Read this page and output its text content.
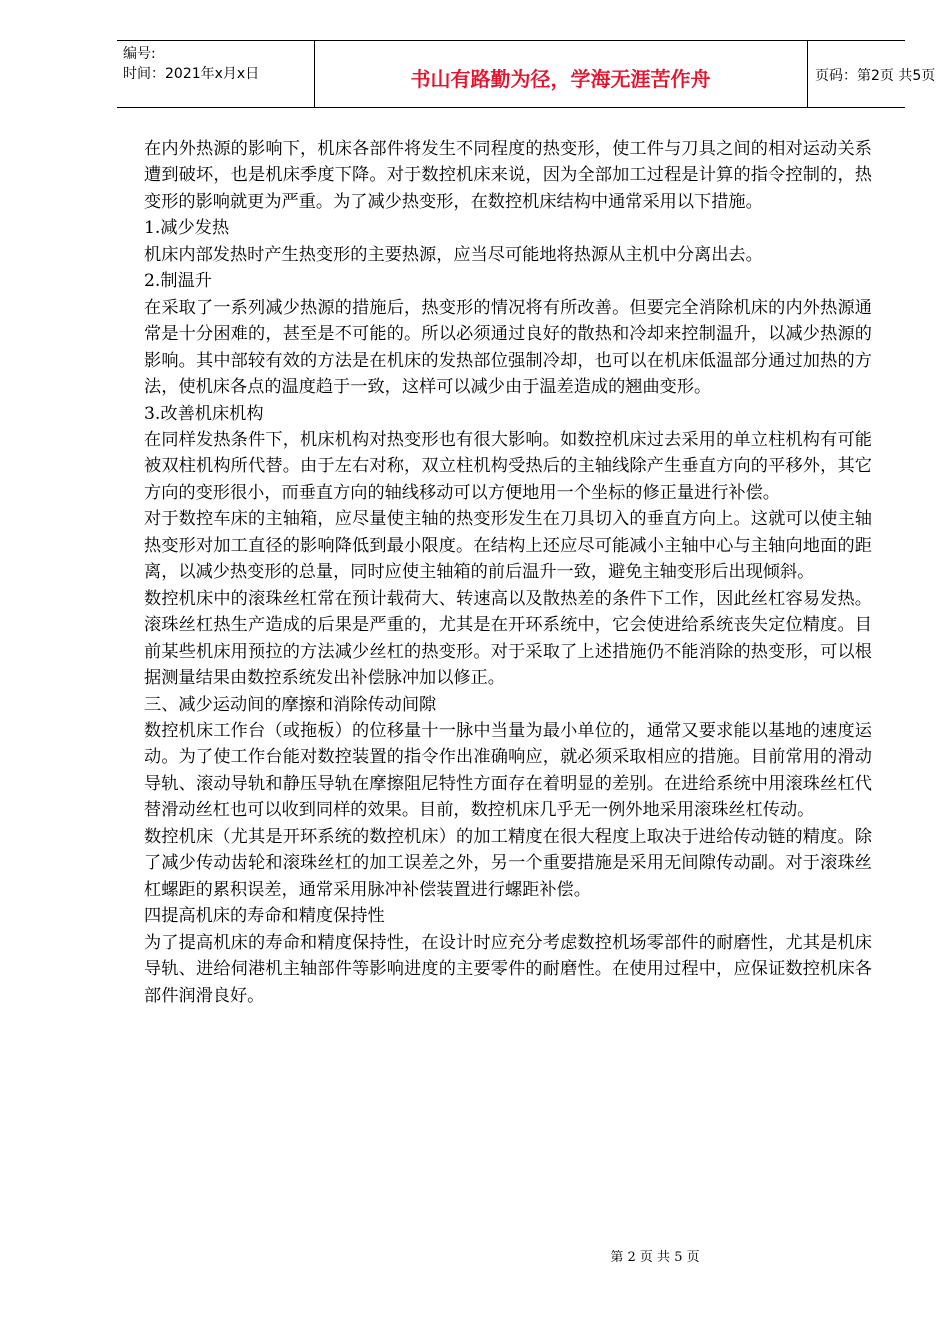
编号:
时间：2021年x月x日	书山有路勤为径，学海无涯苦作舟	页码：第2页 共5页

在内外热源的影响下，机床各部件将发生不同程度的热变形，使工件与刀具之间的相对运动关系遭到破坏，也是机床季度下降。对于数控机床来说，因为全部加工过程是计算的指令控制的，热变形的影响就更为严重。为了减少热变形，在数控机床结构中通常采用以下措施。

1.减少发热

机床内部发热时产生热变形的主要热源，应当尽可能地将热源从主机中分离出去。

2.制温升

在采取了一系列减少热源的措施后，热变形的情况将有所改善。但要完全消除机床的内外热源通常是十分困难的，甚至是不可能的。所以必须通过良好的散热和冷却来控制温升，以减少热源的影响。其中部较有效的方法是在机床的发热部位强制冷却，也可以在机床低温部分通过加热的方法，使机床各点的温度趋于一致，这样可以减少由于温差造成的翘曲变形。

3.改善机床机构

在同样发热条件下，机床机构对热变形也有很大影响。如数控机床过去采用的单立柱机构有可能被双柱机构所代替。由于左右对称，双立柱机构受热后的主轴线除产生垂直方向的平移外，其它方向的变形很小，而垂直方向的轴线移动可以方便地用一个坐标的修正量进行补偿。

对于数控车床的主轴箱，应尽量使主轴的热变形发生在刀具切入的垂直方向上。这就可以使主轴热变形对加工直径的影响降低到最小限度。在结构上还应尽可能减小主轴中心与主轴向地面的距离，以减少热变形的总量，同时应使主轴箱的前后温升一致，避免主轴变形后出现倾斜。

数控机床中的滚珠丝杠常在预计载荷大、转速高以及散热差的条件下工作，因此丝杠容易发热。滚珠丝杠热生产造成的后果是严重的，尤其是在开环系统中，它会使进给系统丧失定位精度。目前某些机床用预拉的方法减少丝杠的热变形。对于采取了上述措施仍不能消除的热变形，可以根据测量结果由数控系统发出补偿脉冲加以修正。

三、减少运动间的摩擦和消除传动间隙

数控机床工作台（或拖板）的位移量十一脉中当量为最小单位的，通常又要求能以基地的速度运动。为了使工作台能对数控装置的指令作出准确响应，就必须采取相应的措施。目前常用的滑动导轨、滚动导轨和静压导轨在摩擦阻尼特性方面存在着明显的差别。在进给系统中用滚珠丝杠代替滑动丝杠也可以收到同样的效果。目前，数控机床几乎无一例外地采用滚珠丝杠传动。

数控机床（尤其是开环系统的数控机床）的加工精度在很大程度上取决于进给传动链的精度。除了减少传动齿轮和滚珠丝杠的加工误差之外，另一个重要措施是采用无间隙传动副。对于滚珠丝杠螺距的累积误差，通常采用脉冲补偿装置进行螺距补偿。

四提高机床的寿命和精度保持性

为了提高机床的寿命和精度保持性，在设计时应充分考虑数控机场零部件的耐磨性，尤其是机床导轨、进给伺港机主轴部件等影响进度的主要零件的耐磨性。在使用过程中，应保证数控机床各部件润滑良好。

第 2 页 共 5 页
